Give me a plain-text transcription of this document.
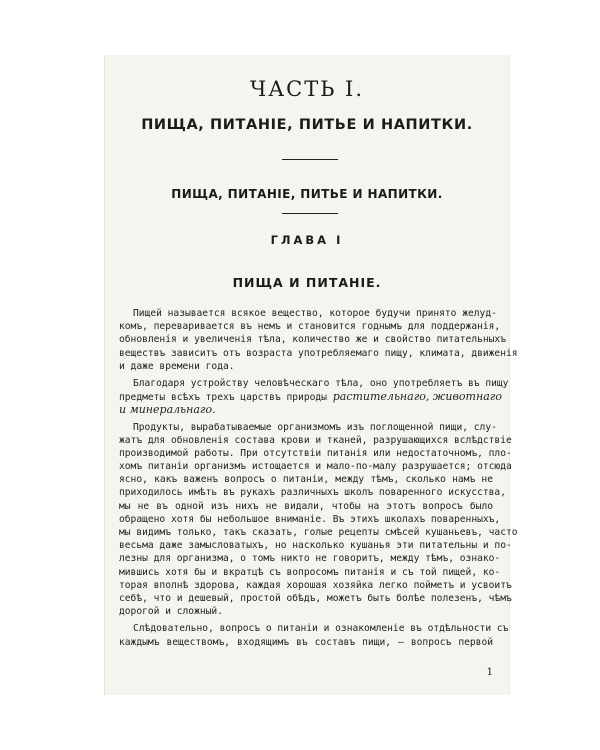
ЧАСТЬ I.
ПИЩА, ПИТАНІЕ, ПИТЬЕ И НАПИТКИ.
ПИЩА, ПИТАНІЕ, ПИТЬЕ И НАПИТКИ.
ГЛАВА I
ПИЩА И ПИТАНІЕ.
Пищей называется всякое вещество, которое будучи принято желуд-
комъ, переваривается въ немъ и становится годнымъ для поддержанія,
обновленія и увеличенія тѣла, количество же и свойство питательныхъ
веществъ зависитъ отъ возраста употребляемаго пищу, климата, движенія
и даже времени года.
Благодаря устройству человѣческаго тѣла, оно употребляетъ въ пищу
предметы всѣхъ трехъ царствъ природы растительнаго, животнаго
и минеральнаго.
Продукты, вырабатываемые организмомъ изъ поглощенной пищи, слу-
жатъ для обновленія состава крови и тканей, разрушающихся вслѣдствіе
производимой работы. При отсутствіи питанія или недостаточномъ, пло-
хомъ питаніи организмъ истощается и мало-по-малу разрушается; отсюда
ясно, какъ важенъ вопросъ о питаніи, между тѣмъ, сколько намъ не
приходилось имѣть въ рукахъ различныхъ школъ поваренного искусства,
мы не въ одной изъ нихъ не видали, чтобы на этотъ вопросъ было
обращено хотя бы небольшое вниманіе. Въ этихъ школахъ поваренныхъ,
мы видимъ только, такъ сказать, голые рецепты смѣсей кушаньевъ, часто
весьма даже замысловатыхъ, но насколько кушанья эти питательны и по-
лезны для организма, о томъ никто не говоритъ, между тѣмъ, ознако-
мившись хотя бы и вкратцѣ съ вопросомъ питанія и съ той пищей, ко-
торая вполнѣ здорова, каждая хорошая хозяйка легко пойметъ и усвоитъ
себѣ, что и дешевый, простой обѣдъ, можетъ быть болѣе полезенъ, чѣмъ
дорогой и сложный.
Слѣдовательно, вопросъ о питаніи и ознакомленіе въ отдѣльности съ
каждымъ веществомъ, входящимъ въ составъ пищи, — вопросъ первой
1
